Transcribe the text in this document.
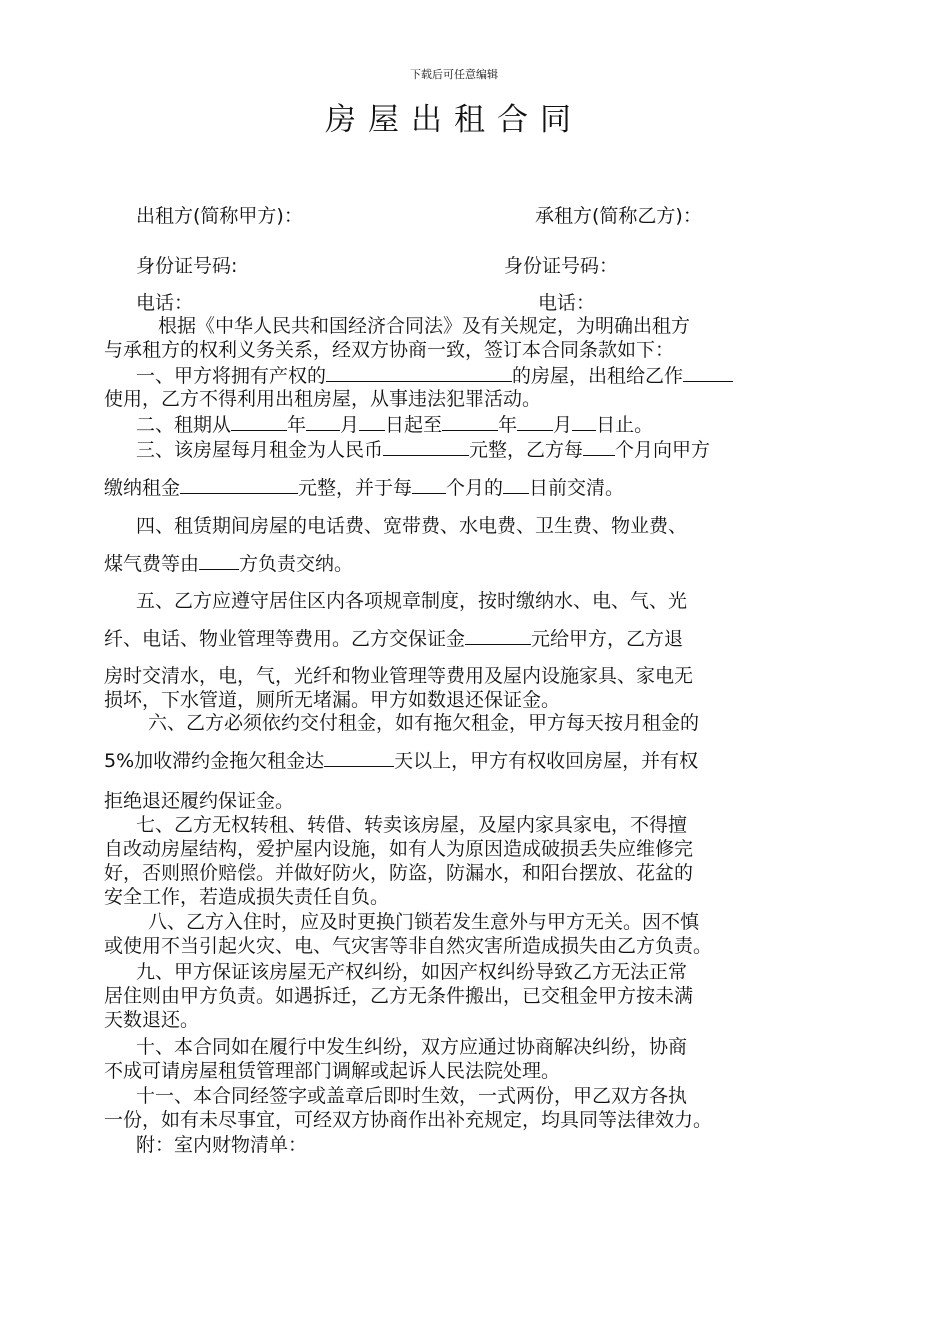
下载后可任意编辑
房屋出租合同
出租方(简称甲方)：	承租方(简称乙方)：
身份证号码:	身份证号码：
电话：	电话：
根据《中华人民共和国经济合同法》及有关规定，为明确出租方
与承租方的权利义务关系，经双方协商一致，签订本合同条款如下：
一、甲方将拥有产权的	的房屋，出租给乙作
使用，乙方不得利用出租房屋，从事违法犯罪活动。
二、租期从	年 月 日起至	年 月 日止。
三、该房屋每月租金为人民币	元整，乙方每 个月向甲方
缴纳租金	元整，并于每 个月的 日前交清。
四、租赁期间房屋的电话费、宽带费、水电费、卫生费、物业费、
煤气费等由 方负责交纳。
五、乙方应遵守居住区内各项规章制度，按时缴纳水、电、气、光
纤、电话、物业管理等费用。乙方交保证金	元给甲方，乙方退
房时交清水，电，气，光纤和物业管理等费用及屋内设施家具、家电无
损坏，下水管道，厕所无堵漏。甲方如数退还保证金。
六、乙方必须依约交付租金，如有拖欠租金，甲方每天按月租金的
5%加收滞约金拖欠租金达	天以上，甲方有权收回房屋，并有权
拒绝退还履约保证金。
七、乙方无权转租、转借、转卖该房屋，及屋内家具家电，不得擅
自改动房屋结构，爱护屋内设施，如有人为原因造成破损丢失应维修完
好，否则照价赔偿。并做好防火，防盗，防漏水，和阳台摆放、花盆的
安全工作，若造成损失责任自负。
八、乙方入住时，应及时更换门锁若发生意外与甲方无关。因不慎
或使用不当引起火灾、电、气灾害等非自然灾害所造成损失由乙方负责。
九、甲方保证该房屋无产权纠纷，如因产权纠纷导致乙方无法正常
居住则由甲方负责。如遇拆迁，乙方无条件搬出，已交租金甲方按未满
天数退还。
十、本合同如在履行中发生纠纷，双方应通过协商解决纠纷，协商
不成可请房屋租赁管理部门调解或起诉人民法院处理。
十一、本合同经签字或盖章后即时生效，一式两份，甲乙双方各执
一份，如有未尽事宜，可经双方协商作出补充规定，均具同等法律效力。
附：室内财物清单：
